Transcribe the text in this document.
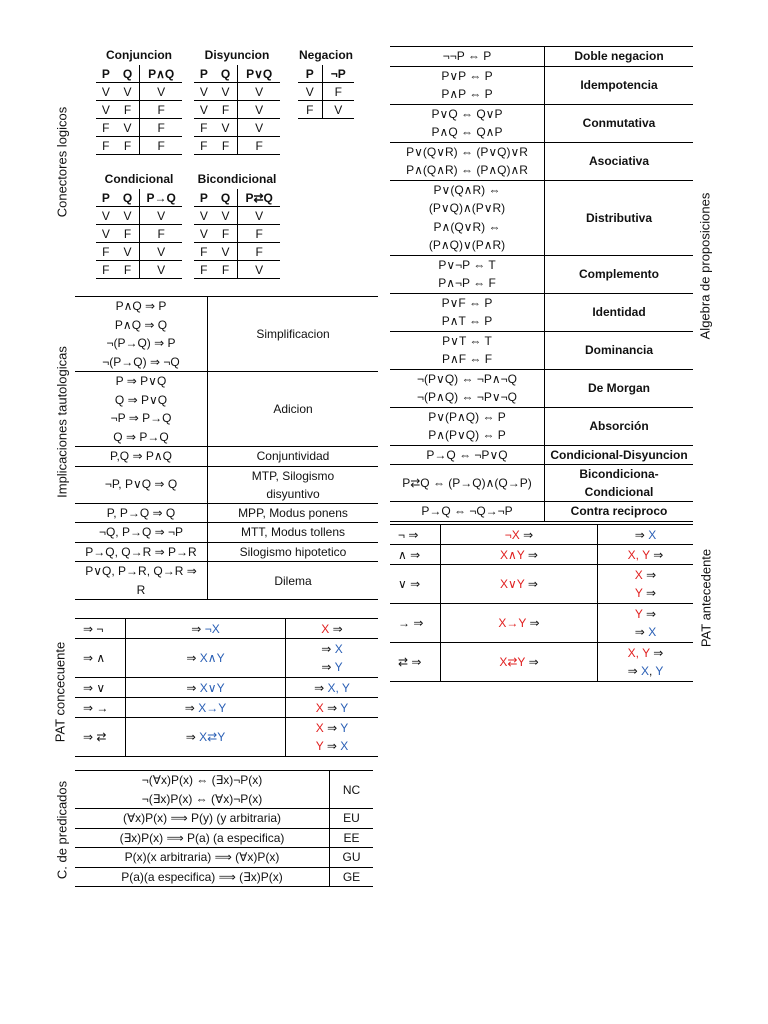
Conectores logicos
Implicaciones tautologicas
Algebra de proposiciones
PAT concecuente
PAT antecedente
C. de predicados
Conjuncion
P	Q	P∧Q
V	V	V
V	F	F
F	V	F
F	F	F
Disyuncion
P	Q	P∨Q
V	V	V
V	F	V
F	V	V
F	F	F
Negacion
P	¬P
V	F
F	V
Condicional
P	Q	P→Q
V	V	V
V	F	F
F	V	V
F	F	V
Bicondicional
P	Q	P⇄Q
V	V	V
V	F	F
F	V	F
F	F	V
P∧Q ⇒ P
P∧Q ⇒ Q
¬(P→Q) ⇒ P
¬(P→Q) ⇒ ¬Q	Simplificacion

P ⇒ P∨Q
Q ⇒ P∨Q
¬P ⇒ P→Q
Q ⇒ P→Q	Adicion

P,Q ⇒ P∧Q	Conjuntividad

¬P, P∨Q ⇒ Q	MTP, Silogismo
disyuntivo

P, P→Q ⇒ Q	MPP, Modus ponens

¬Q, P→Q ⇒ ¬P	MTT, Modus tollens

P→Q, Q→R ⇒ P→R	Silogismo hipotetico

P∨Q, P→R, Q→R ⇒
R	Dilema
¬¬P ⇔ P	Doble negacion

P∨P ⇔ P
P∧P ⇔ P	Idempotencia

P∨Q ⇔ Q∨P
P∧Q ⇔ Q∧P	Conmutativa

P∨(Q∨R) ⇔ (P∨Q)∨R
P∧(Q∧R) ⇔ (P∧Q)∧R	Asociativa

P∨(Q∧R) ⇔
(P∨Q)∧(P∨R)
P∧(Q∨R) ⇔
(P∧Q)∨(P∧R)	Distributiva

P∨¬P ⇔ T
P∧¬P ⇔ F	Complemento

P∨F ⇔ P
P∧T ⇔ P	Identidad

P∨T ⇔ T
P∧F ⇔ F	Dominancia

¬(P∨Q) ⇔ ¬P∧¬Q
¬(P∧Q) ⇔ ¬P∨¬Q	De Morgan

P∨(P∧Q) ⇔ P
P∧(P∨Q) ⇔ P	Absorción

P→Q ⇔ ¬P∨Q	Condicional-Disyuncion

P⇄Q ⇔ (P→Q)∧(Q→P)	Bicondiciona-
Condicional

P→Q ⇔ ¬Q→¬P	Contra reciproco
¬ ⇒	¬X ⇒	⇒ X

∧ ⇒	X∧Y ⇒	X, Y ⇒

∨ ⇒	X∨Y ⇒	X ⇒
Y ⇒

→ ⇒	X→Y ⇒	Y ⇒
⇒ X

⇄ ⇒	X⇄Y ⇒	X, Y ⇒
⇒ X, Y
⇒ ¬	⇒ ¬X	X ⇒

⇒ ∧	⇒ X∧Y	⇒ X
⇒ Y

⇒ ∨	⇒ X∨Y	⇒ X, Y

⇒ →	⇒ X→Y	X ⇒ Y

⇒ ⇄	⇒ X⇄Y	X ⇒ Y
Y ⇒ X
¬(∀x)P(x) ⇔ (∃x)¬P(x)
¬(∃x)P(x) ⇔ (∀x)¬P(x)	NC

(∀x)P(x) ⟹ P(y) (y arbitraria)	EU

(∃x)P(x) ⟹ P(a) (a especifica)	EE

P(x)(x arbitraria) ⟹ (∀x)P(x)	GU

P(a)(a especifica) ⟹ (∃x)P(x)	GE
